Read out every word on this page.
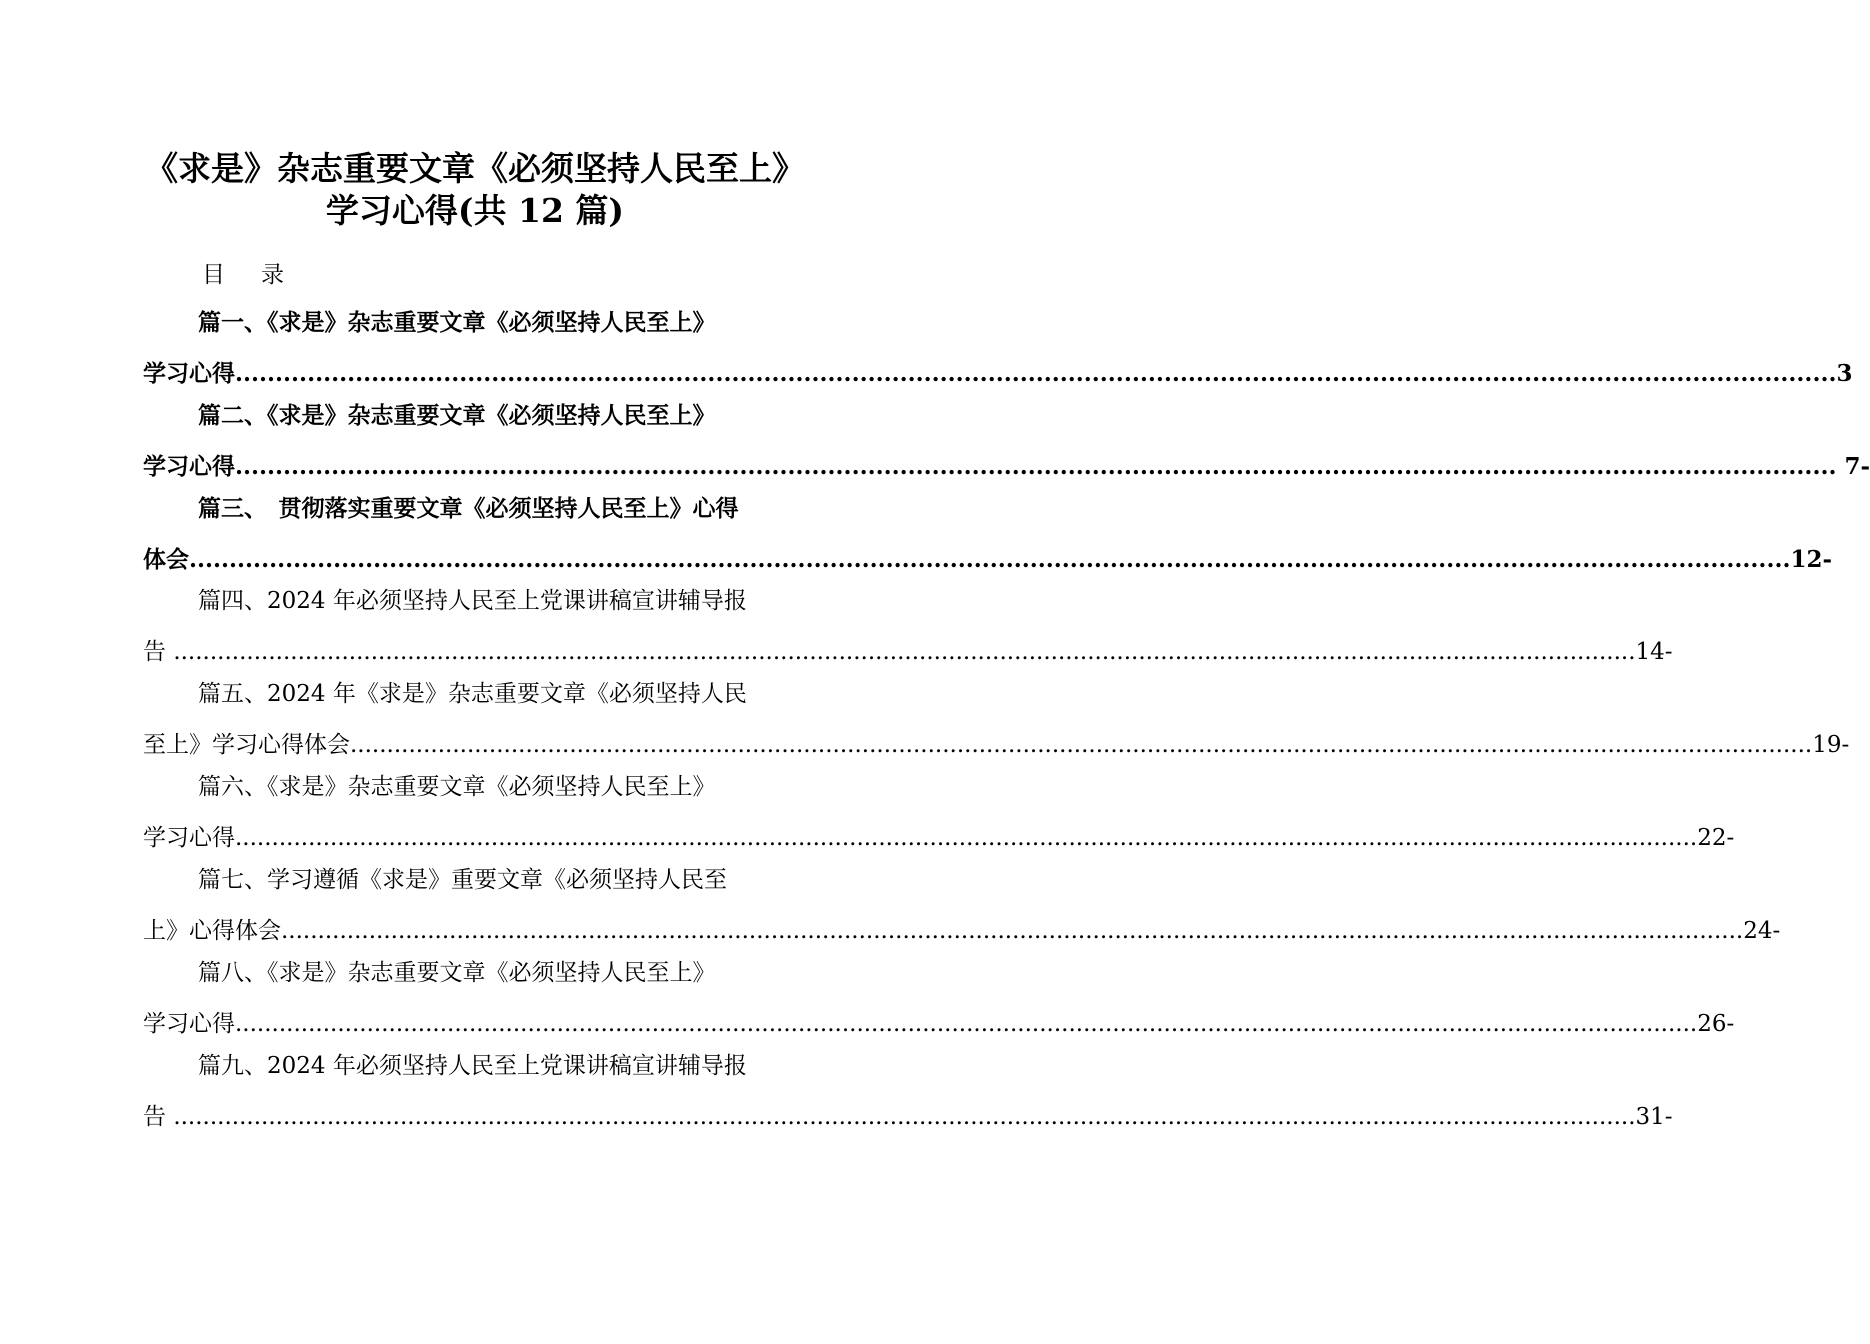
《求是》杂志重要文章《必须坚持人民至上》
学习心得(共 12 篇)
目 录
篇一、《求是》杂志重要文章《必须坚持人民至上》
学习心得 ........................................................................................................................................................................................................ 3
篇二、《求是》杂志重要文章《必须坚持人民至上》
学习心得 ........................................................................................................................................................................................................ 7-
篇三、　贯彻落实重要文章《必须坚持人民至上》心得
体会 ........................................................................................................................................................................................................ 12-
篇四、2024 年必须坚持人民至上党课讲稿宣讲辅导报
告 ........................................................................................................................................................................................................ 14-
篇五、2024 年《求是》杂志重要文章《必须坚持人民
至上》学习心得体会 ........................................................................................................................................................................................................ 19-
篇六、《求是》杂志重要文章《必须坚持人民至上》
学习心得 ........................................................................................................................................................................................................ 22-
篇七、学习遵循《求是》重要文章《必须坚持人民至
上》心得体会 ........................................................................................................................................................................................................ 24-
篇八、《求是》杂志重要文章《必须坚持人民至上》
学习心得 ........................................................................................................................................................................................................ 26-
篇九、2024 年必须坚持人民至上党课讲稿宣讲辅导报
告 ........................................................................................................................................................................................................ 31-
